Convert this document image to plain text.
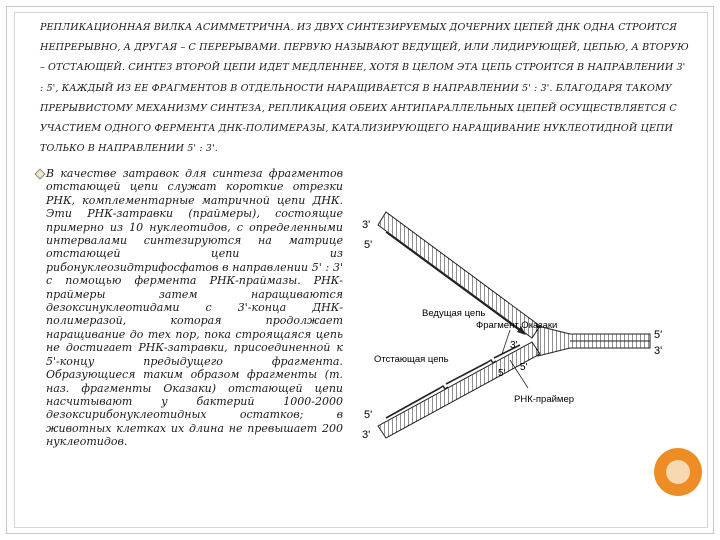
РЕПЛИКАЦИОННАЯ ВИЛКА АСИММЕТРИЧНА. ИЗ ДВУХ СИНТЕЗИРУЕМЫХ ДОЧЕРНИХ ЦЕПЕЙ ДНК ОДНА СТРОИТСЯ НЕПРЕРЫВНО, А ДРУГАЯ – С ПЕРЕРЫВАМИ. ПЕРВУЮ НАЗЫВАЮТ ВЕДУЩЕЙ, ИЛИ ЛИДИРУЮЩЕЙ, ЦЕПЬЮ, А ВТОРУЮ – ОТСТАЮЩЕЙ. СИНТЕЗ ВТОРОЙ ЦЕПИ ИДЕТ МЕДЛЕННЕЕ, ХОТЯ В ЦЕЛОМ ЭТА ЦЕПЬ СТРОИТСЯ В НАПРАВЛЕНИИ 3' : 5', КАЖДЫЙ ИЗ ЕЕ ФРАГМЕНТОВ В ОТДЕЛЬНОСТИ НАРАЩИВАЕТСЯ В НАПРАВЛЕНИИ 5' : 3'. БЛАГОДАРЯ ТАКОМУ ПРЕРЫВИСТОМУ МЕХАНИЗМУ СИНТЕЗА, РЕПЛИКАЦИЯ ОБЕИХ АНТИПАРАЛЛЕЛЬНЫХ ЦЕПЕЙ ОСУЩЕСТВЛЯЕТСЯ С УЧАСТИЕМ ОДНОГО ФЕРМЕНТА ДНК-ПОЛИМЕРАЗЫ, КАТАЛИЗИРУЮЩЕГО НАРАЩИВАНИЕ НУКЛЕОТИДНОЙ ЦЕПИ ТОЛЬКО В НАПРАВЛЕНИИ 5' : 3'.
В качестве затравок для синтеза фрагментов отстающей цепи служат короткие отрезки РНК, комплементарные матричной цепи ДНК. Эти РНК-затравки (праймеры), состоящие примерно из 10 нуклеотидов, с определенными интервалами синтезируются на матрице отстающей цепи из рибонуклеозидтрифосфатов в направлении 5' : 3' с помощью фермента РНК-праймазы. РНК-праймеры затем наращиваются дезоксинуклеотидами с 3'-конца ДНК-полимеразой, которая продолжает наращивание до тех пор, пока строящаяся цепь не достигает РНК-затравки, присоединенной к 5'-концу предыдущего фрагмента. Образующиеся таким образом фрагменты (т. наз. фрагменты Оказаки) отстающей цепи насчитывают у бактерий 1000-2000 дезоксирибонуклеотидных остатков; в животных клетках их длина не превышает 200 нуклеотидов.
Ведущая цепь
Фрагмент Оказаки
Отстающая цепь
РНК-праймер
3'
5'
5'
3'
5'
3'
3'
5'
5'
